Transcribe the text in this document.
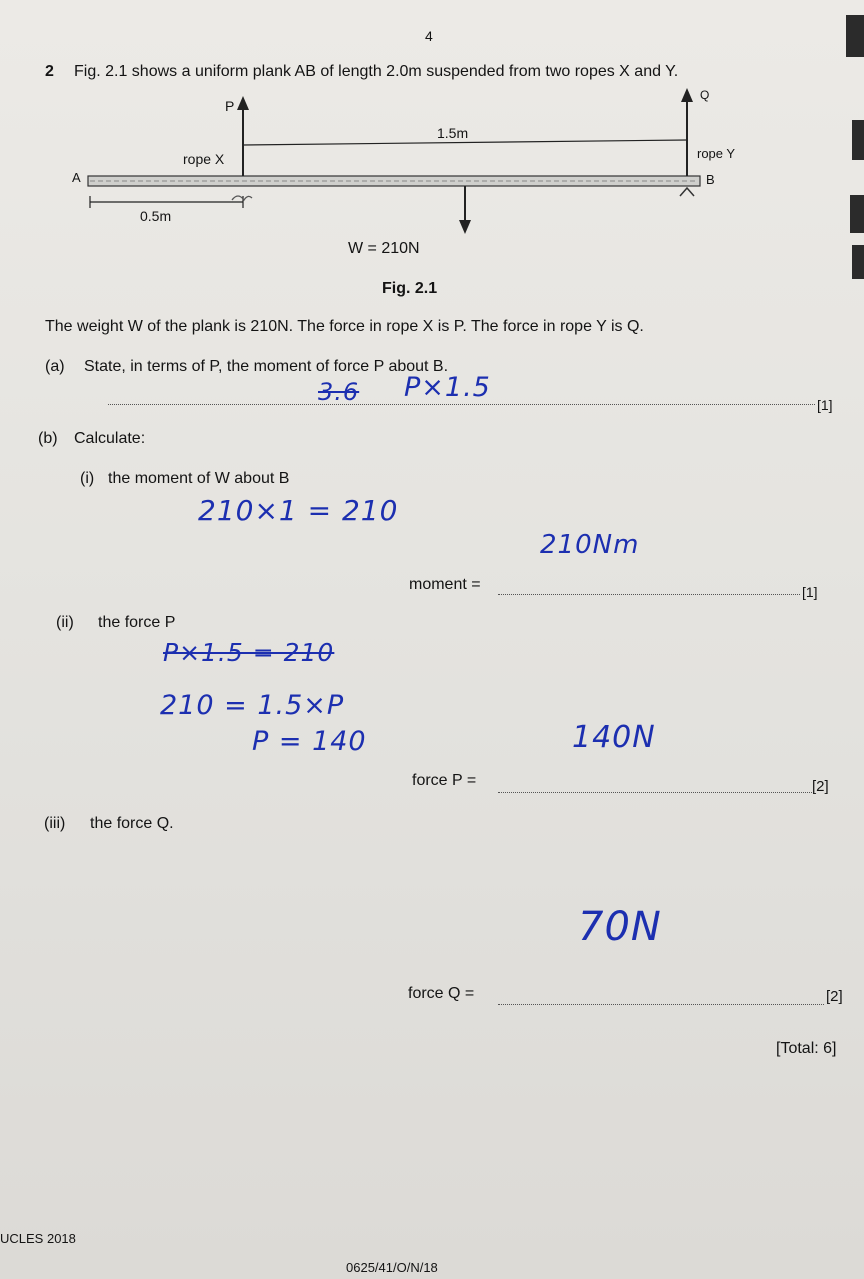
4
2 Fig. 2.1 shows a uniform plank AB of length 2.0m suspended from two ropes X and Y.
P
Q
1.5m
rope X	rope Y
A	B
0.5m
W = 210N
Fig. 2.1
The weight W of the plank is 210N. The force in rope X is P. The force in rope Y is Q.
(a) State, in terms of P, the moment of force P about B.
3.6 P×1.5
[1]
(b) Calculate:
(i) the moment of W about B
210×1 = 210
210Nm
moment =	[1]
(ii) the force P
P×1.5 = 210
210 = 1.5×P
P = 140	140N
force P =	[2]
(iii) the force Q.
70N
force Q =	[2]
[Total: 6]
UCLES 2018
0625/41/O/N/18
